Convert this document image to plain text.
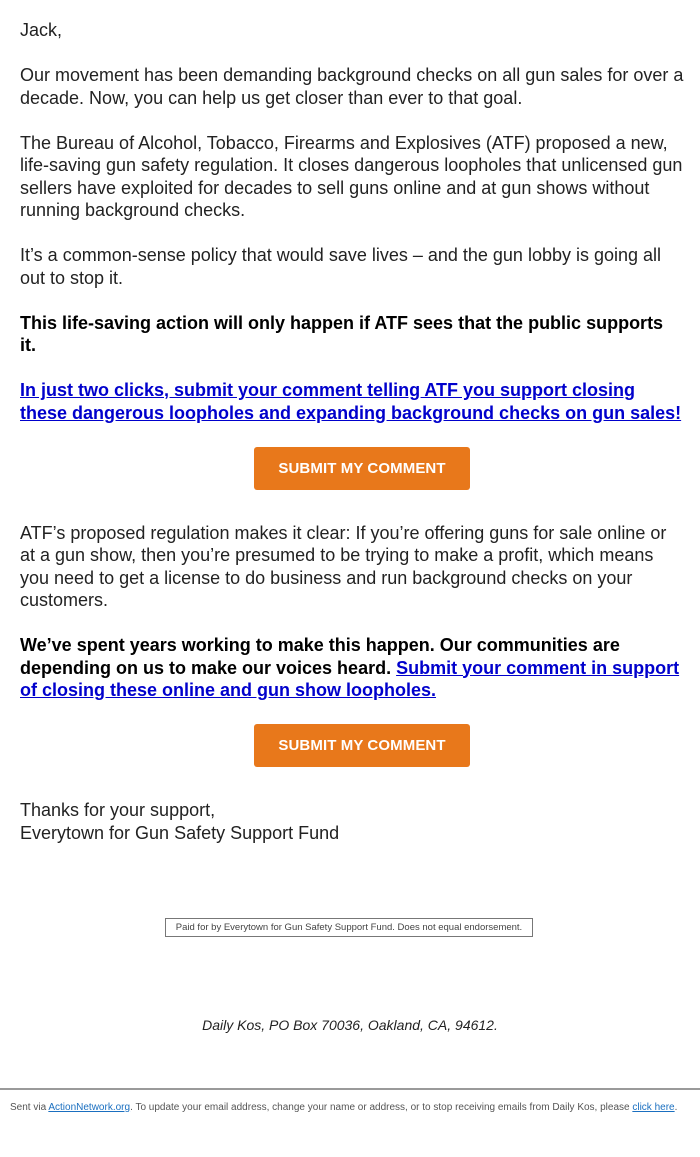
Jack,

Our movement has been demanding background checks on all gun sales for over a decade. Now, you can help us get closer than ever to that goal.

The Bureau of Alcohol, Tobacco, Firearms and Explosives (ATF) proposed a new, life-saving gun safety regulation. It closes dangerous loopholes that unlicensed gun sellers have exploited for decades to sell guns online and at gun shows without running background checks.

It’s a common-sense policy that would save lives – and the gun lobby is going all out to stop it.

This life-saving action will only happen if ATF sees that the public supports it.

In just two clicks, submit your comment telling ATF you support closing these dangerous loopholes and expanding background checks on gun sales!

SUBMIT MY COMMENT

ATF’s proposed regulation makes it clear: If you’re offering guns for sale online or at a gun show, then you’re presumed to be trying to make a profit, which means you need to get a license to do business and run background checks on your customers.

We’ve spent years working to make this happen. Our communities are depending on us to make our voices heard. Submit your comment in support of closing these online and gun show loopholes.

SUBMIT MY COMMENT

Thanks for your support,
Everytown for Gun Safety Support Fund

Paid for by Everytown for Gun Safety Support Fund. Does not equal endorsement.
Daily Kos, PO Box 70036, Oakland, CA, 94612.
Sent via ActionNetwork.org. To update your email address, change your name or address, or to stop receiving emails from Daily Kos, please click here.
